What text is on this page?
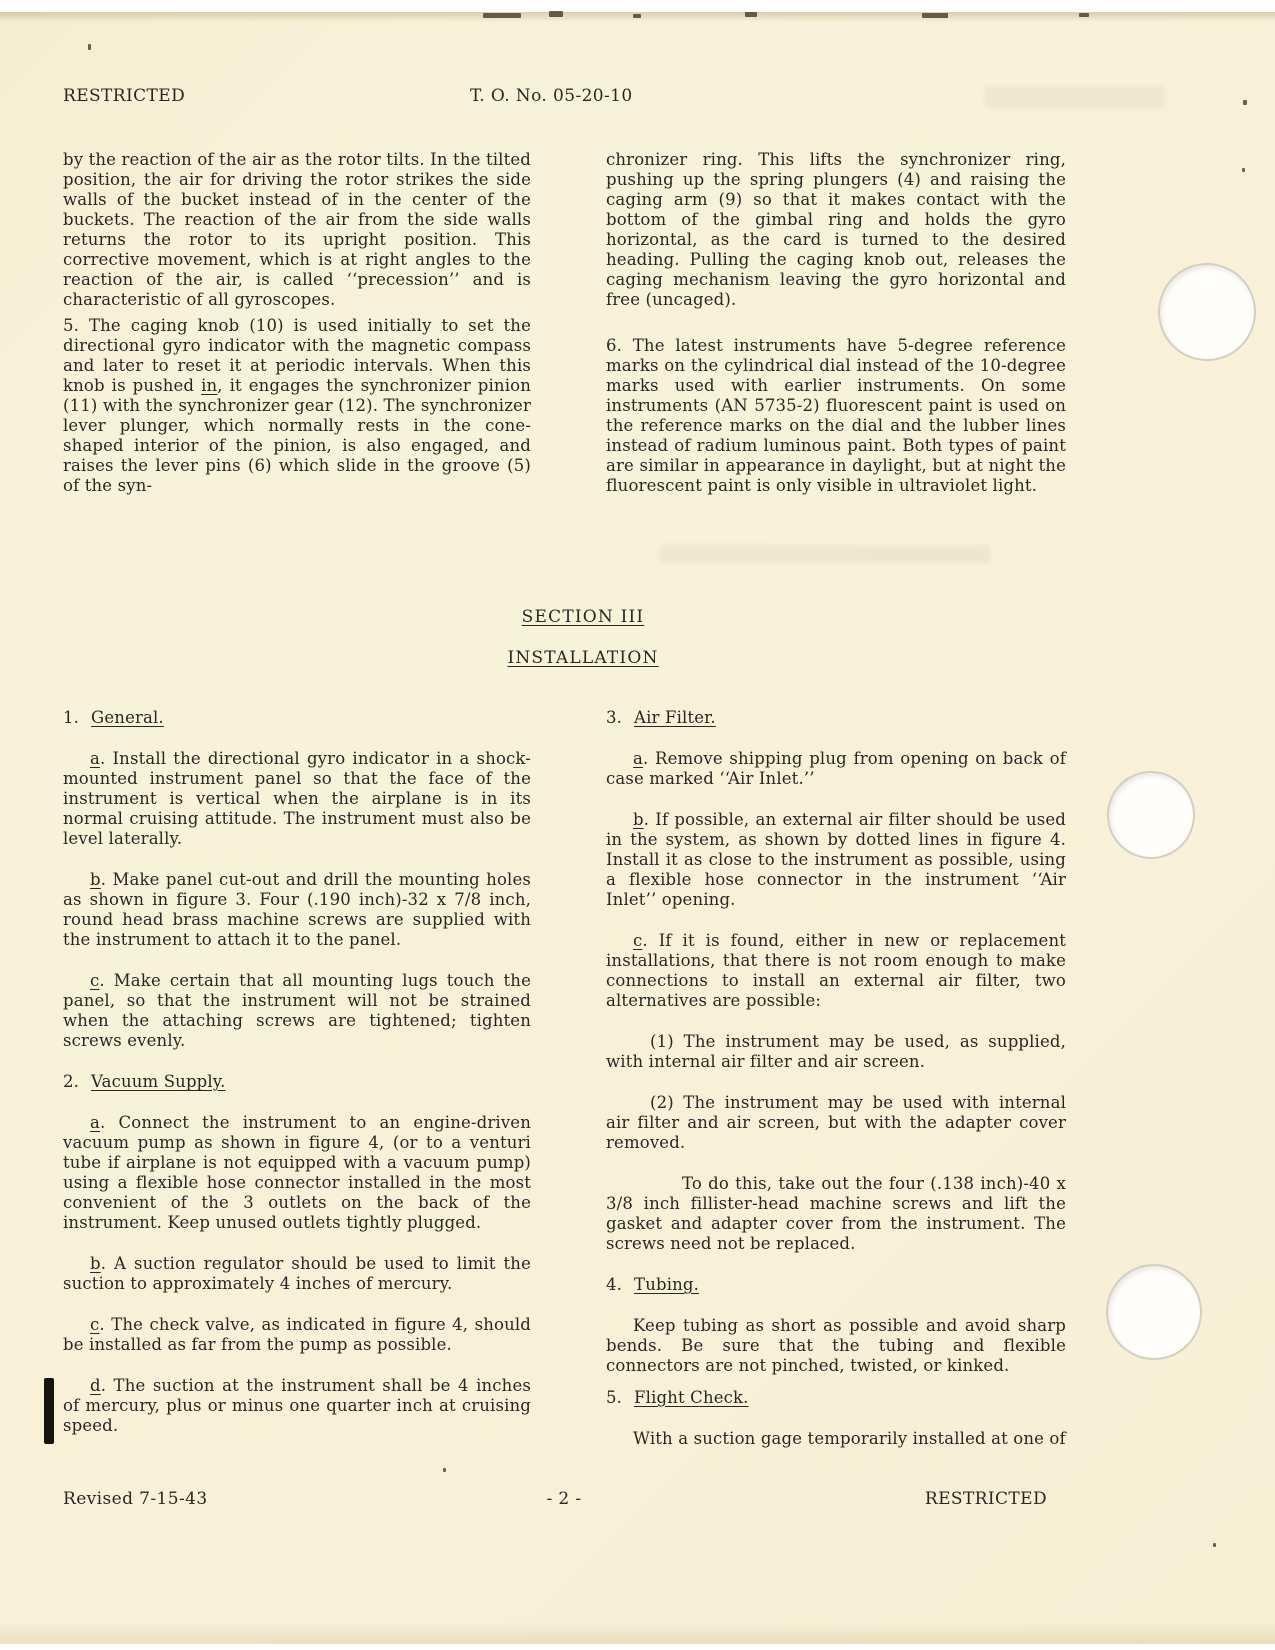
RESTRICTED	T. O. No. 05-20-10

by the reaction of the air as the rotor tilts. In the tilted position, the air for driving the rotor strikes the side walls of the bucket instead of in the center of the buckets. The reaction of the air from the side walls returns the rotor to its upright position. This corrective movement, which is at right angles to the reaction of the air, is called ‘‘precession’’ and is characteristic of all gyroscopes.

5. The caging knob (10) is used initially to set the directional gyro indicator with the magnetic compass and later to reset it at periodic intervals. When this knob is pushed in, it engages the synchronizer pinion (11) with the synchronizer gear (12). The synchronizer lever plunger, which normally rests in the cone-shaped interior of the pinion, is also engaged, and raises the lever pins (6) which slide in the groove (5) of the syn-

chronizer ring. This lifts the synchronizer ring, pushing up the spring plungers (4) and raising the caging arm (9) so that it makes contact with the bottom of the gimbal ring and holds the gyro horizontal, as the card is turned to the desired heading. Pulling the caging knob out, releases the caging mechanism leaving the gyro horizontal and free (uncaged).

6. The latest instruments have 5-degree reference marks on the cylindrical dial instead of the 10-degree marks used with earlier instruments. On some instruments (AN 5735-2) fluorescent paint is used on the reference marks on the dial and the lubber lines instead of radium luminous paint. Both types of paint are similar in appearance in daylight, but at night the fluorescent paint is only visible in ultraviolet light.

SECTION III
INSTALLATION

1. General.

a. Install the directional gyro indicator in a shock-mounted instrument panel so that the face of the instrument is vertical when the airplane is in its normal cruising attitude. The instrument must also be level laterally.

b. Make panel cut-out and drill the mounting holes as shown in figure 3. Four (.190 inch)-32 x 7/8 inch, round head brass machine screws are supplied with the instrument to attach it to the panel.

c. Make certain that all mounting lugs touch the panel, so that the instrument will not be strained when the attaching screws are tightened; tighten screws evenly.

2. Vacuum Supply.

a. Connect the instrument to an engine-driven vacuum pump as shown in figure 4, (or to a venturi tube if airplane is not equipped with a vacuum pump) using a flexible hose connector installed in the most convenient of the 3 outlets on the back of the instrument. Keep unused outlets tightly plugged.

b. A suction regulator should be used to limit the suction to approximately 4 inches of mercury.

c. The check valve, as indicated in figure 4, should be installed as far from the pump as possible.

d. The suction at the instrument shall be 4 inches of mercury, plus or minus one quarter inch at cruising speed.

3. Air Filter.

a. Remove shipping plug from opening on back of case marked ‘‘Air Inlet.’’

b. If possible, an external air filter should be used in the system, as shown by dotted lines in figure 4. Install it as close to the instrument as possible, using a flexible hose connector in the instrument ‘‘Air Inlet’’ opening.

c. If it is found, either in new or replacement installations, that there is not room enough to make connections to install an external air filter, two alternatives are possible:

(1) The instrument may be used, as supplied, with internal air filter and air screen.

(2) The instrument may be used with internal air filter and air screen, but with the adapter cover removed.

To do this, take out the four (.138 inch)-40 x 3/8 inch fillister-head machine screws and lift the gasket and adapter cover from the instrument. The screws need not be replaced.

4. Tubing.

Keep tubing as short as possible and avoid sharp bends. Be sure that the tubing and flexible connectors are not pinched, twisted, or kinked.

5. Flight Check.

With a suction gage temporarily installed at one of

Revised 7-15-43	- 2 -	RESTRICTED
